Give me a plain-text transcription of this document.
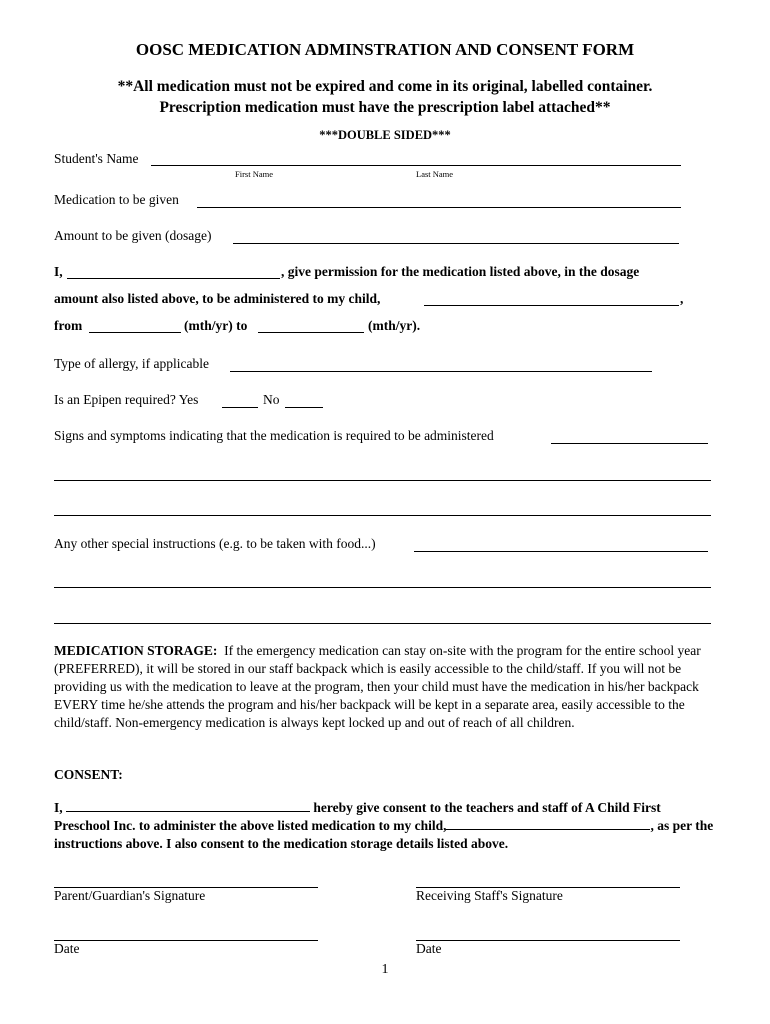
OOSC MEDICATION ADMINSTRATION AND CONSENT FORM
**All medication must not be expired and come in its original, labelled container.
Prescription medication must have the prescription label attached**
***DOUBLE SIDED***
Student's Name
First Name	Last Name
Medication to be given
Amount to be given (dosage)
I,	, give permission for the medication listed above, in the dosage
amount also listed above, to be administered to my child,	,
from	(mth/yr) to	(mth/yr).
Type of allergy, if applicable
Is an Epipen required? Yes	No
Signs and symptoms indicating that the medication is required to be administered
Any other special instructions (e.g. to be taken with food...)
MEDICATION STORAGE: If the emergency medication can stay on-site with the program for the entire school year (PREFERRED), it will be stored in our staff backpack which is easily accessible to the child/staff. If you will not be providing us with the medication to leave at the program, then your child must have the medication in his/her backpack EVERY time he/she attends the program and his/her backpack will be kept in a separate area, easily accessible to the child/staff. Non-emergency medication is always kept locked up and out of reach of all children.
CONSENT:
I,	hereby give consent to the teachers and staff of A Child First Preschool Inc. to administer the above listed medication to my child,	, as per the instructions above. I also consent to the medication storage details listed above.
Parent/Guardian's Signature	Receiving Staff's Signature
Date	Date
1
